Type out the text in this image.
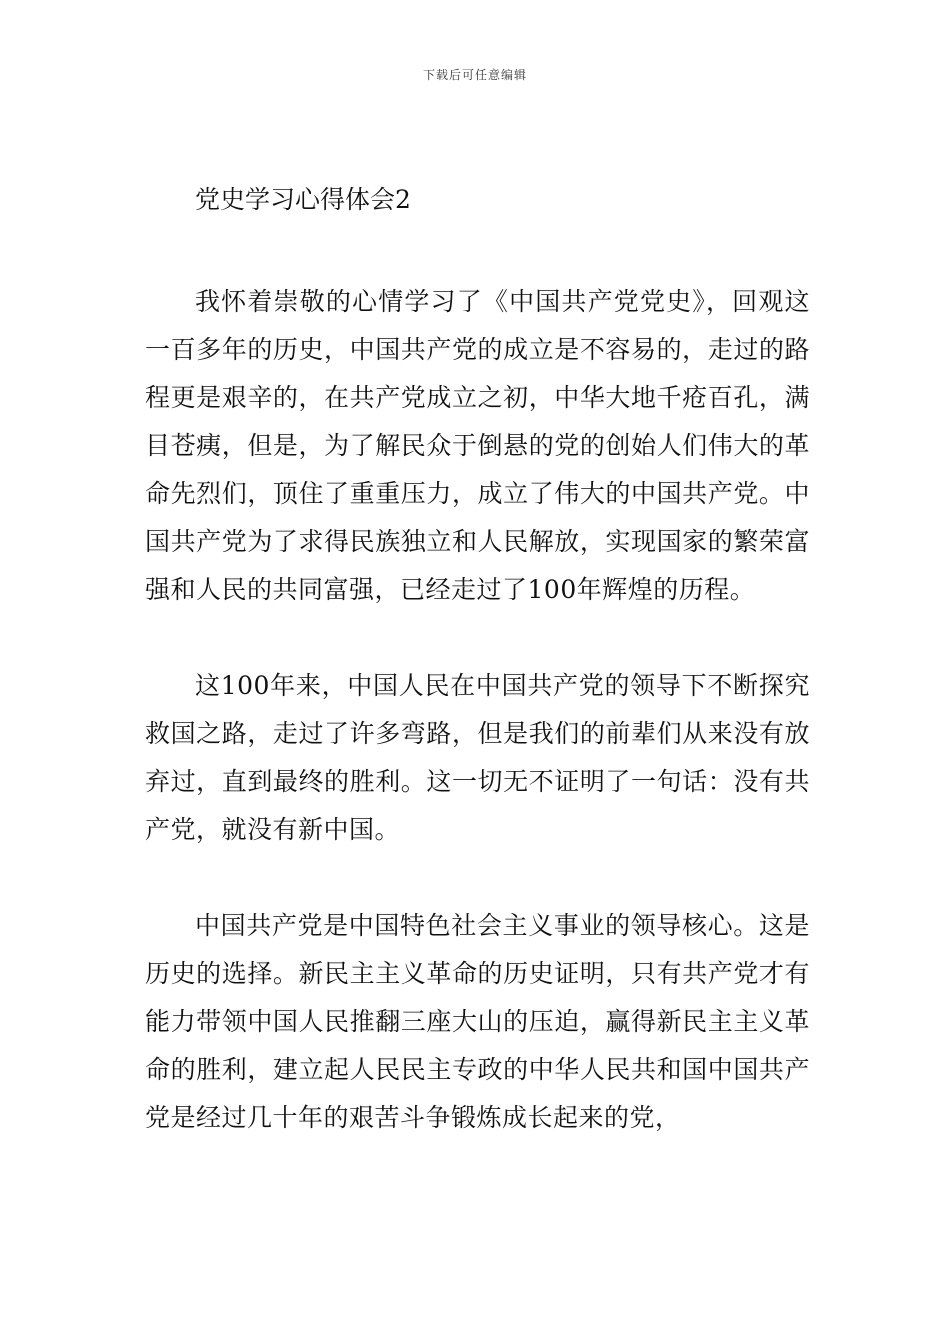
下载后可任意编辑
党史学习心得体会2

我怀着崇敬的心情学习了《中国共产党党史》，回观这一百多年的历史，中国共产党的成立是不容易的，走过的路程更是艰辛的，在共产党成立之初，中华大地千疮百孔，满目苍痍，但是，为了解民众于倒悬的党的创始人们伟大的革命先烈们，顶住了重重压力，成立了伟大的中国共产党。中国共产党为了求得民族独立和人民解放，实现国家的繁荣富强和人民的共同富强，已经走过了100年辉煌的历程。

这100年来，中国人民在中国共产党的领导下不断探究救国之路，走过了许多弯路，但是我们的前辈们从来没有放弃过，直到最终的胜利。这一切无不证明了一句话：没有共产党，就没有新中国。

中国共产党是中国特色社会主义事业的领导核心。这是历史的选择。新民主主义革命的历史证明，只有共产党才有能力带领中国人民推翻三座大山的压迫，赢得新民主主义革命的胜利，建立起人民民主专政的中华人民共和国中国共产党是经过几十年的艰苦斗争锻炼成长起来的党，
